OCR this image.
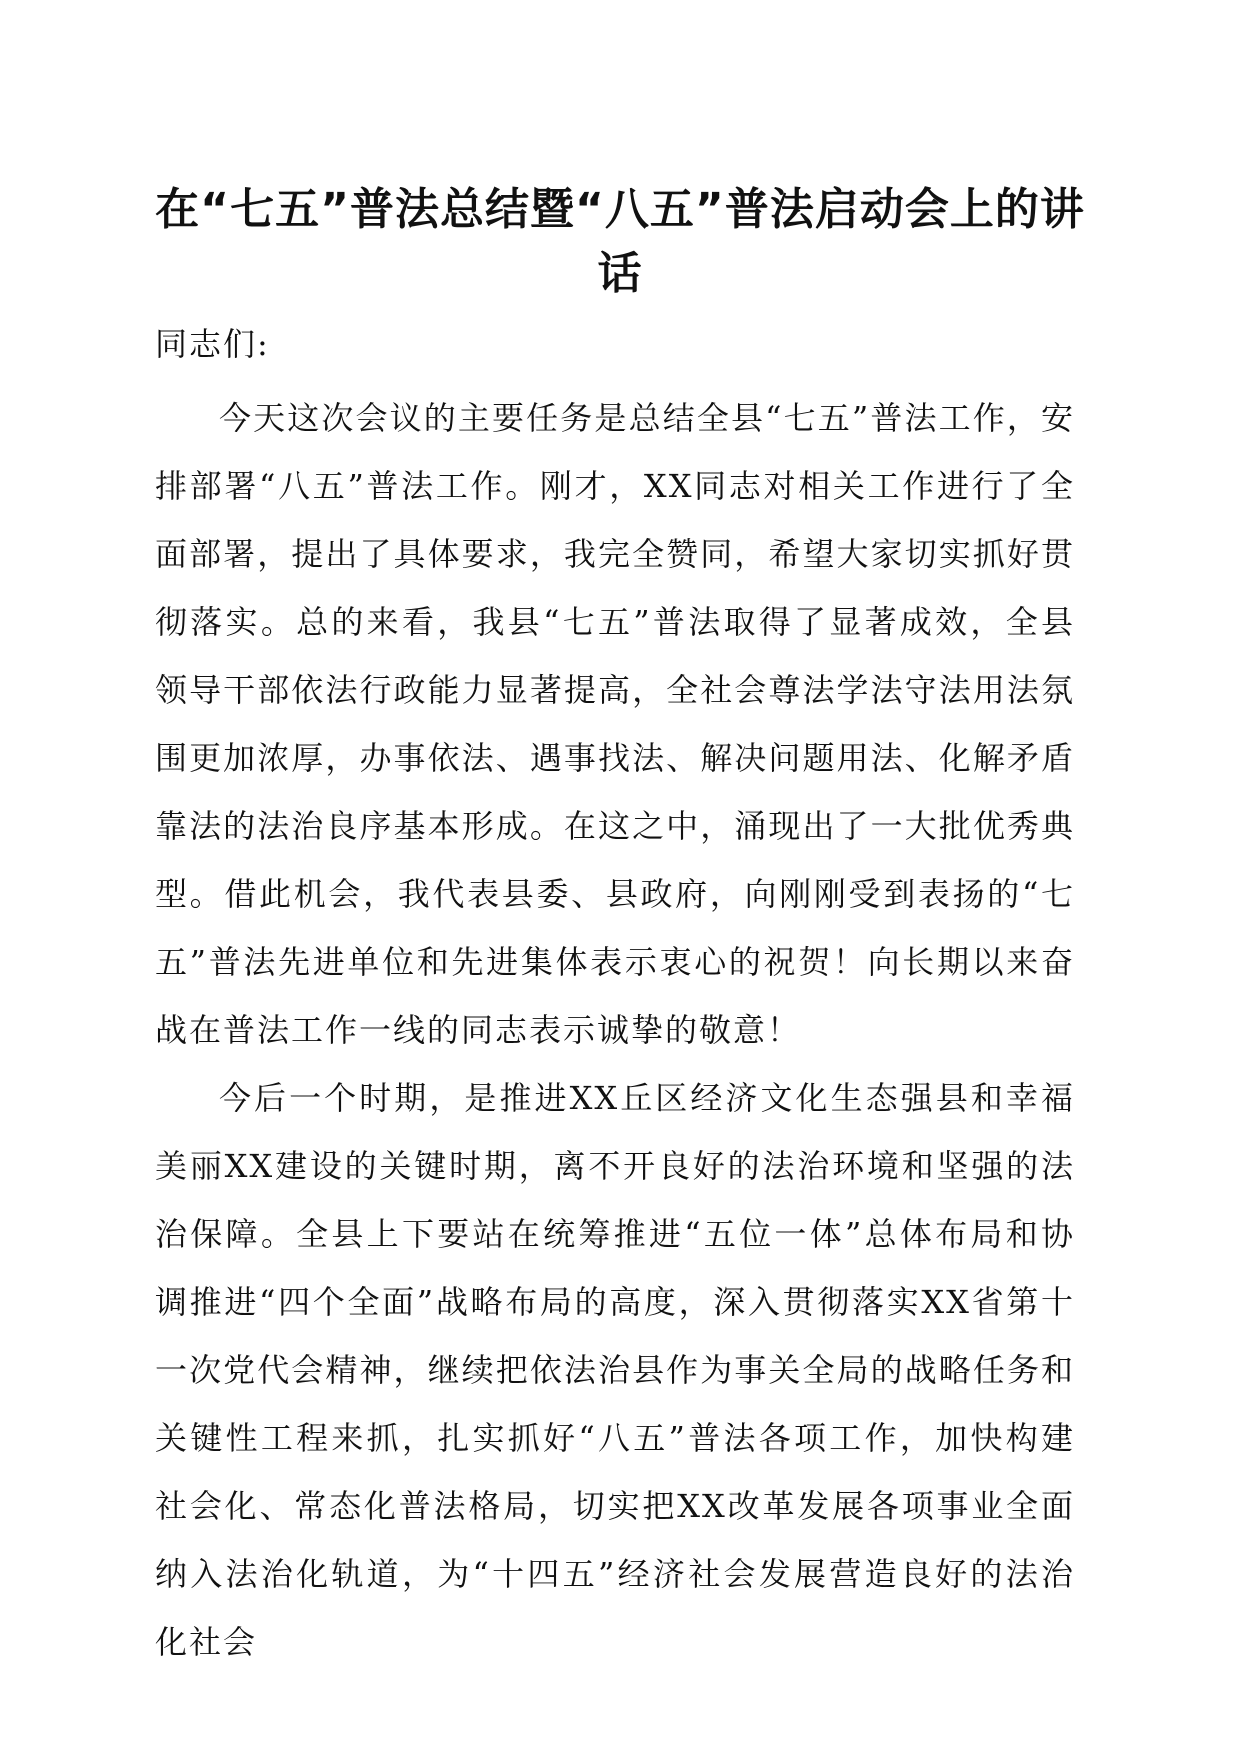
在“七五”普法总结暨“八五”普法启动会上的讲话

同志们:

今天这次会议的主要任务是总结全县“七五”普法工作，安排部署“八五”普法工作。刚才，XX同志对相关工作进行了全面部署，提出了具体要求，我完全赞同，希望大家切实抓好贯彻落实。总的来看，我县“七五”普法取得了显著成效，全县领导干部依法行政能力显著提高，全社会尊法学法守法用法氛围更加浓厚，办事依法、遇事找法、解决问题用法、化解矛盾靠法的法治良序基本形成。在这之中，涌现出了一大批优秀典型。借此机会，我代表县委、县政府，向刚刚受到表扬的“七五”普法先进单位和先进集体表示衷心的祝贺！向长期以来奋战在普法工作一线的同志表示诚挚的敬意！

今后一个时期，是推进XX丘区经济文化生态强县和幸福美丽XX建设的关键时期，离不开良好的法治环境和坚强的法治保障。全县上下要站在统筹推进“五位一体”总体布局和协调推进“四个全面”战略布局的高度，深入贯彻落实XX省第十一次党代会精神，继续把依法治县作为事关全局的战略任务和关键性工程来抓，扎实抓好“八五”普法各项工作，加快构建社会化、常态化普法格局，切实把XX改革发展各项事业全面纳入法治化轨道，为“十四五”经济社会发展营造良好的法治化社会
